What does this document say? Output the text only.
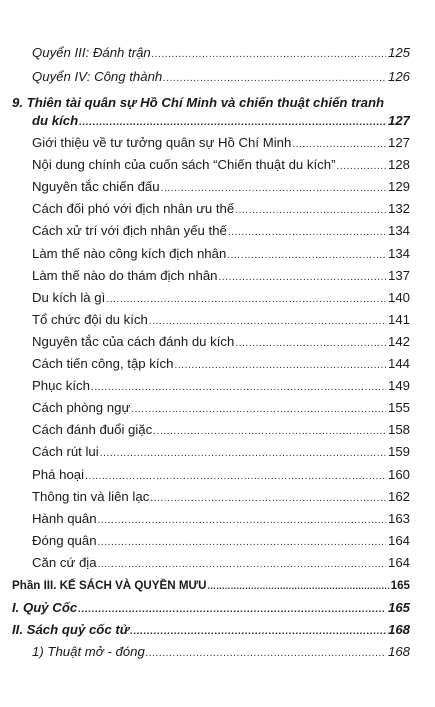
Quyển III: Đánh trận .....	125
Quyển IV: Công thành .....	126
9. Thiên tài quân sự Hồ Chí Minh và chiến thuật chiến tranh
du kích .....	127
Giới thiệu về tư tưởng quân sự Hồ Chí Minh .....	127
Nội dung chính của cuốn sách “Chiến thuật du kích” .....	128
Nguyên tắc chiến đấu .....	129
Cách đối phó với địch nhân ưu thế .....	132
Cách xử trí với địch nhân yếu thế .....	134
Làm thế nào công kích địch nhân .....	134
Làm thế nào do thám địch nhân .....	137
Du kích là gì .....	140
Tổ chức đội du kích .....	141
Nguyên tắc của cách đánh du kích .....	142
Cách tiến công, tập kích .....	144
Phục kích .....	149
Cách phòng ngự .....	155
Cách đánh đuổi giặc .....	158
Cách rút lui .....	159
Phá hoại .....	160
Thông tin và liên lạc .....	162
Hành quân .....	163
Đóng quân .....	164
Căn cứ địa .....	164
Phần III. KẾ SÁCH VÀ QUYỀN MƯU .....	165
I. Quỷ Cốc .....	165
II. Sách quỷ cốc tử .....	168
1) Thuật mở - đóng .....	168
